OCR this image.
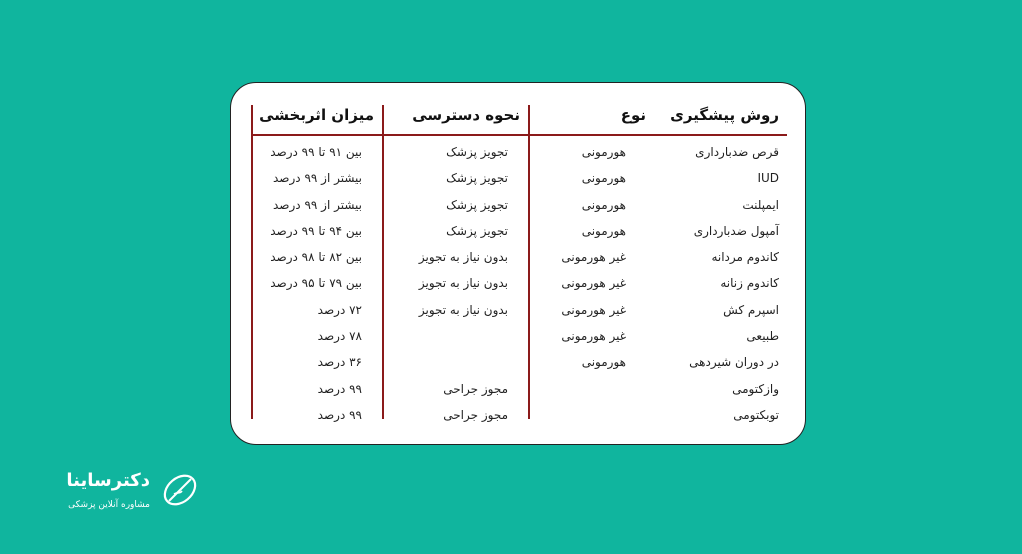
روش پیشگیری
قرص ضدبارداری
IUD
ایمپلنت
آمپول ضدبارداری
کاندوم مردانه
کاندوم زنانه
اسپرم کش
طبیعی
در دوران شیردهی
وازکتومی
توبکتومی
نوع
هورمونی
هورمونی
هورمونی
هورمونی
غیر هورمونی
غیر هورمونی
غیر هورمونی
غیر هورمونی
هورمونی
نحوه دسترسی
تجویز پزشک
تجویز پزشک
تجویز پزشک
تجویز پزشک
بدون نیاز به تجویز
بدون نیاز به تجویز
بدون نیاز به تجویز
مجوز جراحی
مجوز جراحی
میزان اثربخشی
بین ۹۱ تا ۹۹ درصد
بیشتر از ۹۹ درصد
بیشتر از ۹۹ درصد
بین ۹۴ تا ۹۹ درصد
بین ۸۲ تا ۹۸ درصد
بین ۷۹ تا ۹۵ درصد
۷۲ درصد
۷۸ درصد
۳۶ درصد
۹۹ درصد
۹۹ درصد
دکترساینا
مشاوره آنلاین پزشکی
